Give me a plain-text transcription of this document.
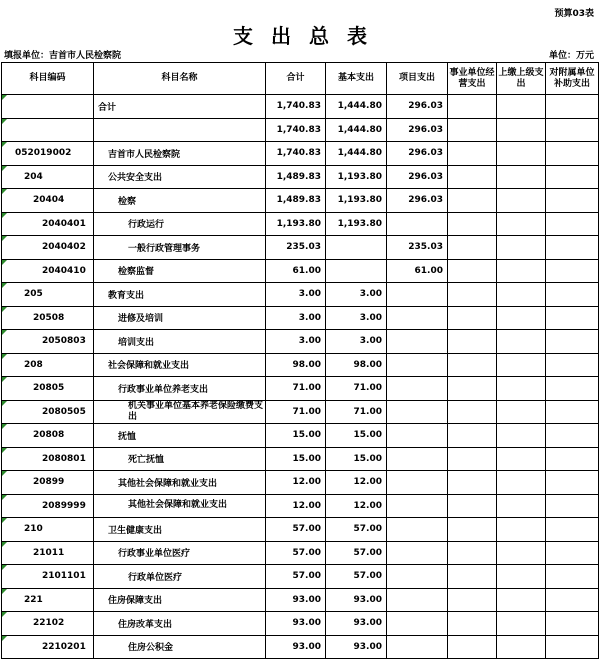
预算03表
支出总表
填报单位：吉首市人民检察院	单位：万元
科目编码	科目名称	合计	基本支出	项目支出	事业单位经营支出	上缴上级支出	对附属单位补助支出

	合计	1,740.83	1,444.80	296.03			

		1,740.83	1,444.80	296.03			

052019002	吉首市人民检察院	1,740.83	1,444.80	296.03			

204	公共安全支出	1,489.83	1,193.80	296.03			

20404	检察	1,489.83	1,193.80	296.03			

2040401	行政运行	1,193.80	1,193.80				

2040402	一般行政管理事务	235.03		235.03			

2040410	检察监督	61.00		61.00			

205	教育支出	3.00	3.00				

20508	进修及培训	3.00	3.00				

2050803	培训支出	3.00	3.00				

208	社会保障和就业支出	98.00	98.00				

20805	行政事业单位养老支出	71.00	71.00				

2080505	机关事业单位基本养老保险缴费支出	71.00	71.00				

20808	抚恤	15.00	15.00				

2080801	死亡抚恤	15.00	15.00				

20899	其他社会保障和就业支出	12.00	12.00				

2089999	其他社会保障和就业支出	12.00	12.00				

210	卫生健康支出	57.00	57.00				

21011	行政事业单位医疗	57.00	57.00				

2101101	行政单位医疗	57.00	57.00				

221	住房保障支出	93.00	93.00				

22102	住房改革支出	93.00	93.00				

2210201	住房公积金	93.00	93.00				
